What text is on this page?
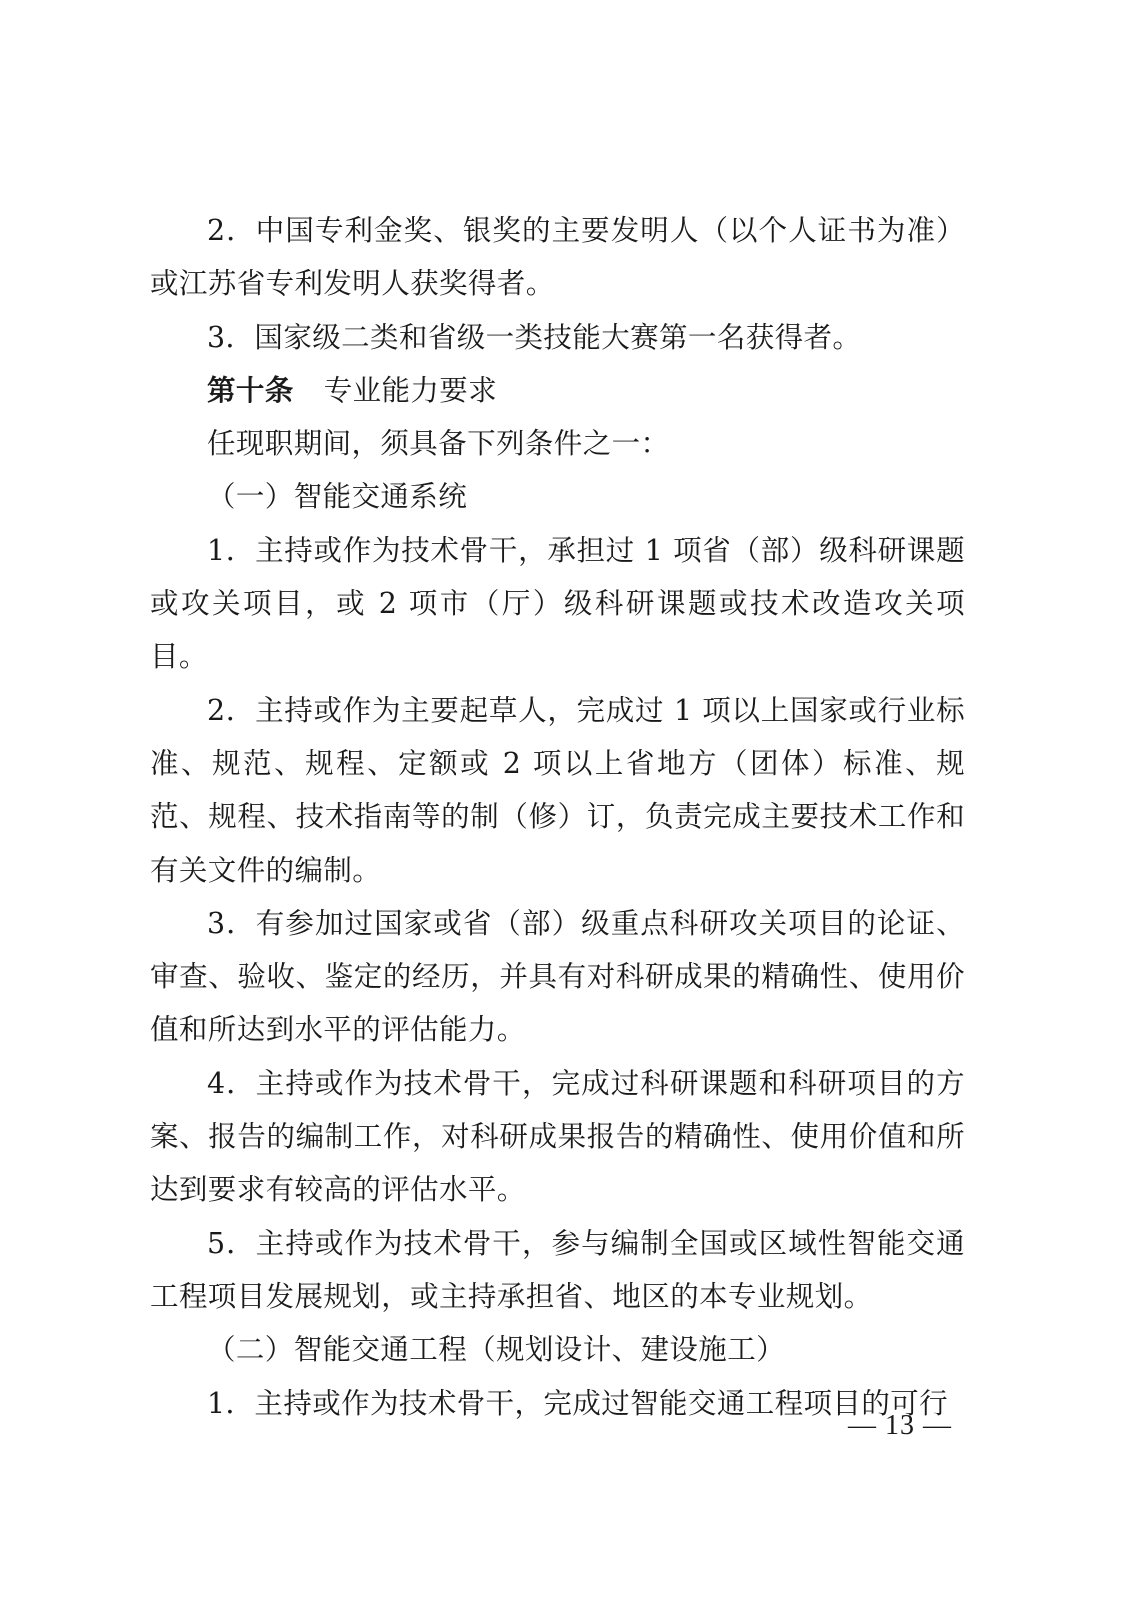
2．中国专利金奖、银奖的主要发明人（以个人证书为准）或江苏省专利发明人获奖得者。

3．国家级二类和省级一类技能大赛第一名获得者。

第十条 专业能力要求

任现职期间，须具备下列条件之一：

（一）智能交通系统

1．主持或作为技术骨干，承担过 1 项省（部）级科研课题或攻关项目，或 2 项市（厅）级科研课题或技术改造攻关项目。

2．主持或作为主要起草人，完成过 1 项以上国家或行业标准、规范、规程、定额或 2 项以上省地方（团体）标准、规范、规程、技术指南等的制（修）订，负责完成主要技术工作和有关文件的编制。

3．有参加过国家或省（部）级重点科研攻关项目的论证、审查、验收、鉴定的经历，并具有对科研成果的精确性、使用价值和所达到水平的评估能力。

4．主持或作为技术骨干，完成过科研课题和科研项目的方案、报告的编制工作，对科研成果报告的精确性、使用价值和所达到要求有较高的评估水平。

5．主持或作为技术骨干，参与编制全国或区域性智能交通工程项目发展规划，或主持承担省、地区的本专业规划。

（二）智能交通工程（规划设计、建设施工）

1．主持或作为技术骨干，完成过智能交通工程项目的可行

— 13 —
